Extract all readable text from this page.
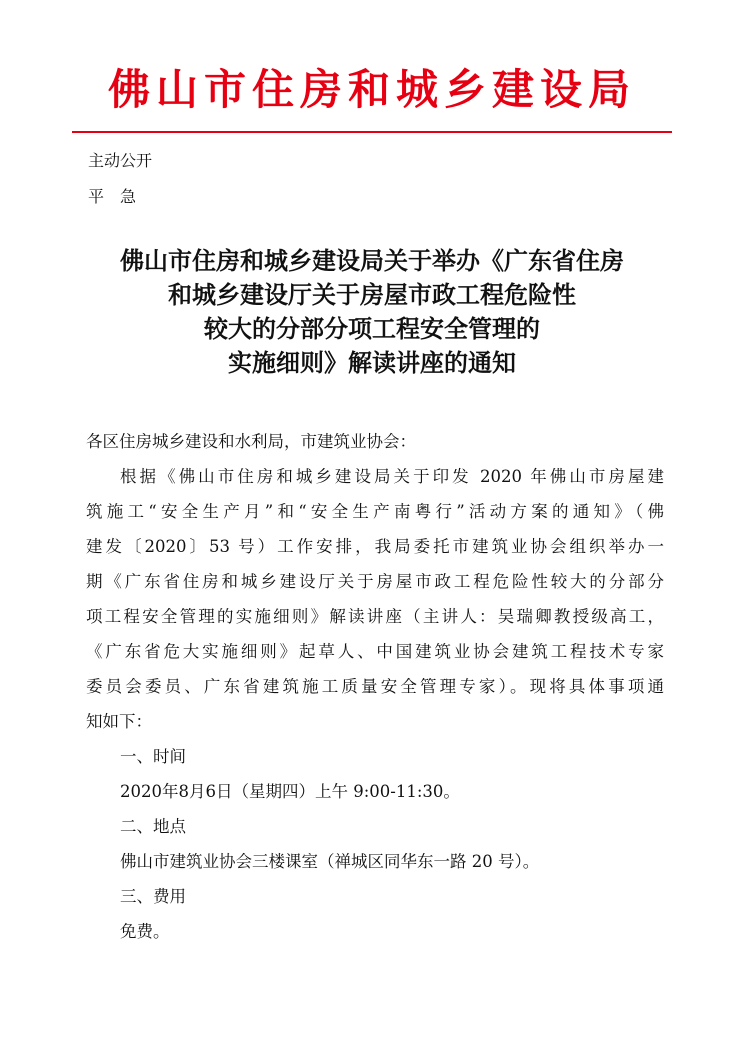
佛山市住房和城乡建设局
主动公开
平　急
佛山市住房和城乡建设局关于举办《广东省住房
和城乡建设厅关于房屋市政工程危险性
较大的分部分项工程安全管理的
实施细则》解读讲座的通知
各区住房城乡建设和水利局，市建筑业协会：
根据《佛山市住房和城乡建设局关于印发 2020 年佛山市房屋建
筑施工“安全生产月”和“安全生产南粤行”活动方案的通知》（佛
建发〔2020〕53 号）工作安排，我局委托市建筑业协会组织举办一
期《广东省住房和城乡建设厅关于房屋市政工程危险性较大的分部分
项工程安全管理的实施细则》解读讲座（主讲人：吴瑞卿教授级高工，
《广东省危大实施细则》起草人、中国建筑业协会建筑工程技术专家
委员会委员、广东省建筑施工质量安全管理专家）。现将具体事项通
知如下：
一、时间
2020年8月6日（星期四）上午 9:00-11:30。
二、地点
佛山市建筑业协会三楼课室（禅城区同华东一路 20 号）。
三、费用
免费。
